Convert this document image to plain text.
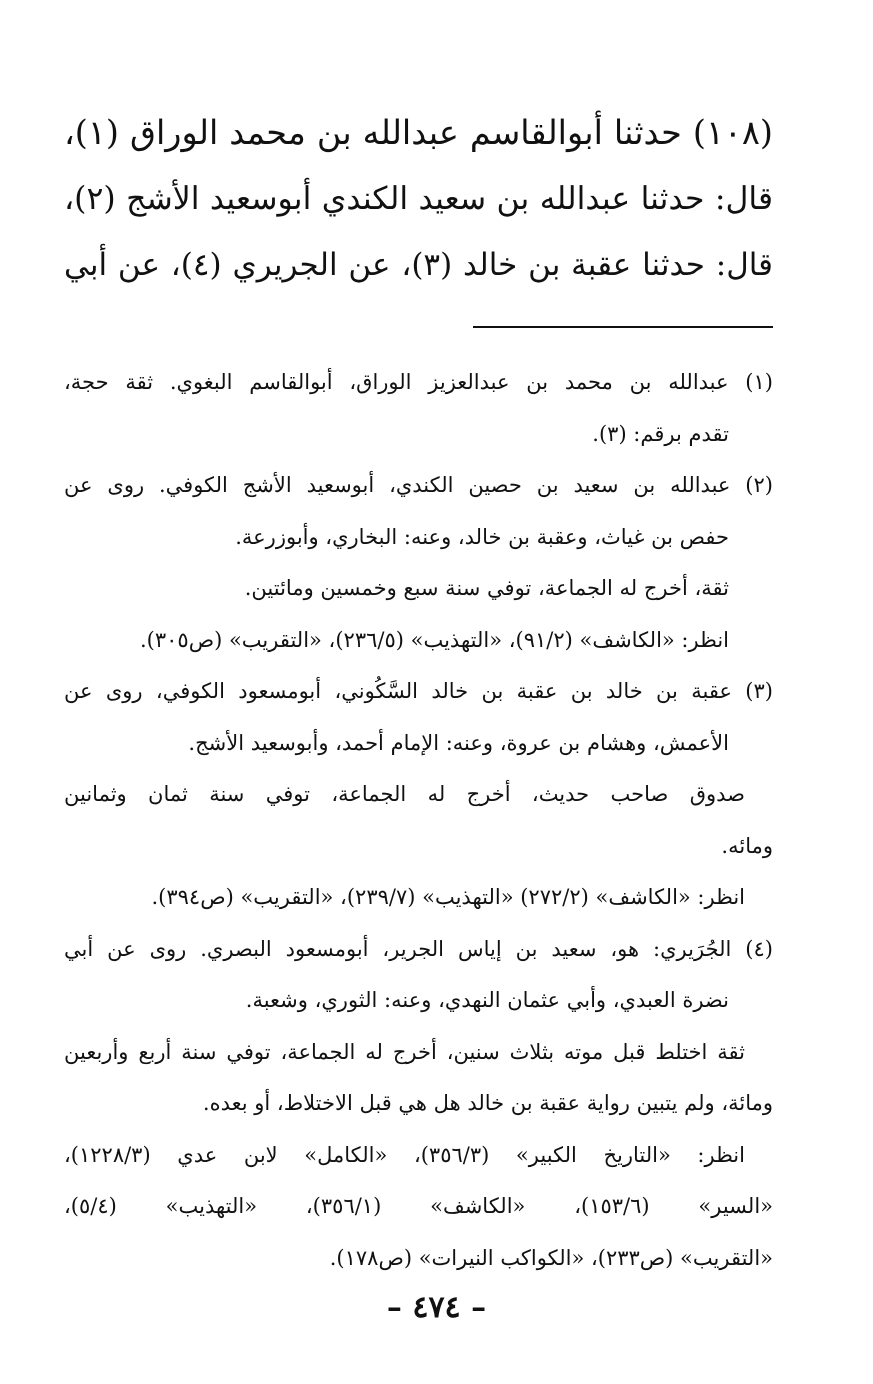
(١٠٨) حدثنا أبوالقاسم عبدالله بن محمد الوراق (١)،
قال: حدثنا عبدالله بن سعيد الكندي أبوسعيد الأشج (٢)،
قال: حدثنا عقبة بن خالد (٣)، عن الجريري (٤)، عن أبي
(١) عبدالله بن محمد بن عبدالعزيز الوراق، أبوالقاسم البغوي. ثقة حجة،
تقدم برقم: (٣).
(٢) عبدالله بن سعيد بن حصين الكندي، أبوسعيد الأشج الكوفي. روى عن
حفص بن غياث، وعقبة بن خالد، وعنه: البخاري، وأبوزرعة.
ثقة، أخرج له الجماعة، توفي سنة سبع وخمسين ومائتين.
انظر: «الكاشف» (٩١/٢)، «التهذيب» (٢٣٦/٥)، «التقريب» (ص٣٠٥).
(٣) عقبة بن خالد بن عقبة بن خالد السَّكُوني، أبومسعود الكوفي، روى عن
الأعمش، وهشام بن عروة، وعنه: الإمام أحمد، وأبوسعيد الأشج.
صدوق صاحب حديث، أخرج له الجماعة، توفي سنة ثمان وثمانين
ومائه.
انظر: «الكاشف» (٢٧٢/٢) «التهذيب» (٢٣٩/٧)، «التقريب» (ص٣٩٤).
(٤) الجُرَيري: هو، سعيد بن إياس الجرير، أبومسعود البصري. روى عن أبي
نضرة العبدي، وأبي عثمان النهدي، وعنه: الثوري، وشعبة.
ثقة اختلط قبل موته بثلاث سنين، أخرج له الجماعة، توفي سنة أربع وأربعين
ومائة، ولم يتبين رواية عقبة بن خالد هل هي قبل الاختلاط، أو بعده.
انظر: «التاريخ الكبير» (٣٥٦/٣)، «الكامل» لابن عدي (١٢٢٨/٣)،
«السير» (١٥٣/٦)، «الكاشف» (٣٥٦/١)، «التهذيب» (٥/٤)،
«التقريب» (ص٢٣٣)، «الكواكب النيرات» (ص١٧٨).
– ٤٧٤ –
